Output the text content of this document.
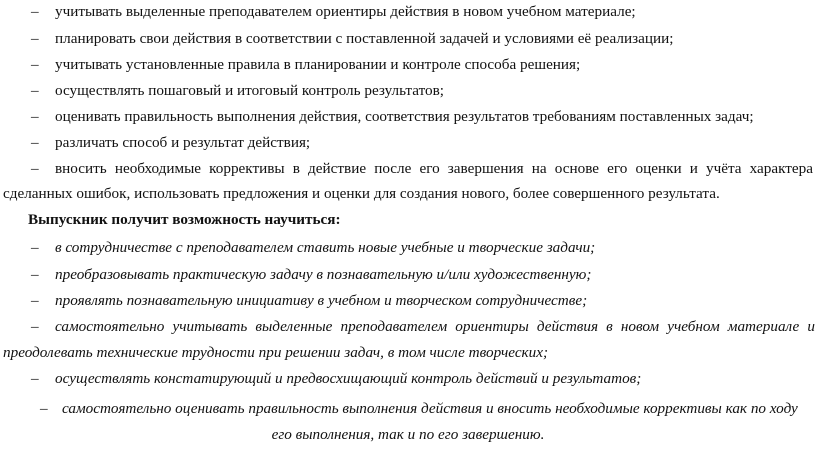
– учитывать выделенные преподавателем ориентиры действия в новом учебном материале;
– планировать свои действия в соответствии с поставленной задачей и условиями её реализации;
– учитывать установленные правила в планировании и контроле способа решения;
– осуществлять пошаговый и итоговый контроль результатов;
– оценивать правильность выполнения действия, соответствия результатов требованиям поставленных задач;
– различать способ и результат действия;
– вносить необходимые коррективы в действие после его завершения на основе его оценки и учёта характера
сделанных ошибок, использовать предложения и оценки для создания нового, более совершенного результата.
Выпускник получит возможность научиться:
– в сотрудничестве с преподавателем ставить новые учебные и творческие задачи;
– преобразовывать практическую задачу в познавательную и/или художественную;
– проявлять познавательную инициативу в учебном и творческом сотрудничестве;
– самостоятельно учитывать выделенные преподавателем ориентиры действия в новом учебном материале и
преодолевать технические трудности при решении задач, в том числе творческих;
– осуществлять констатирующий и предвосхищающий контроль действий и результатов;
– самостоятельно оценивать правильность выполнения действия и вносить необходимые коррективы как по ходу
его выполнения, так и по его завершению.
